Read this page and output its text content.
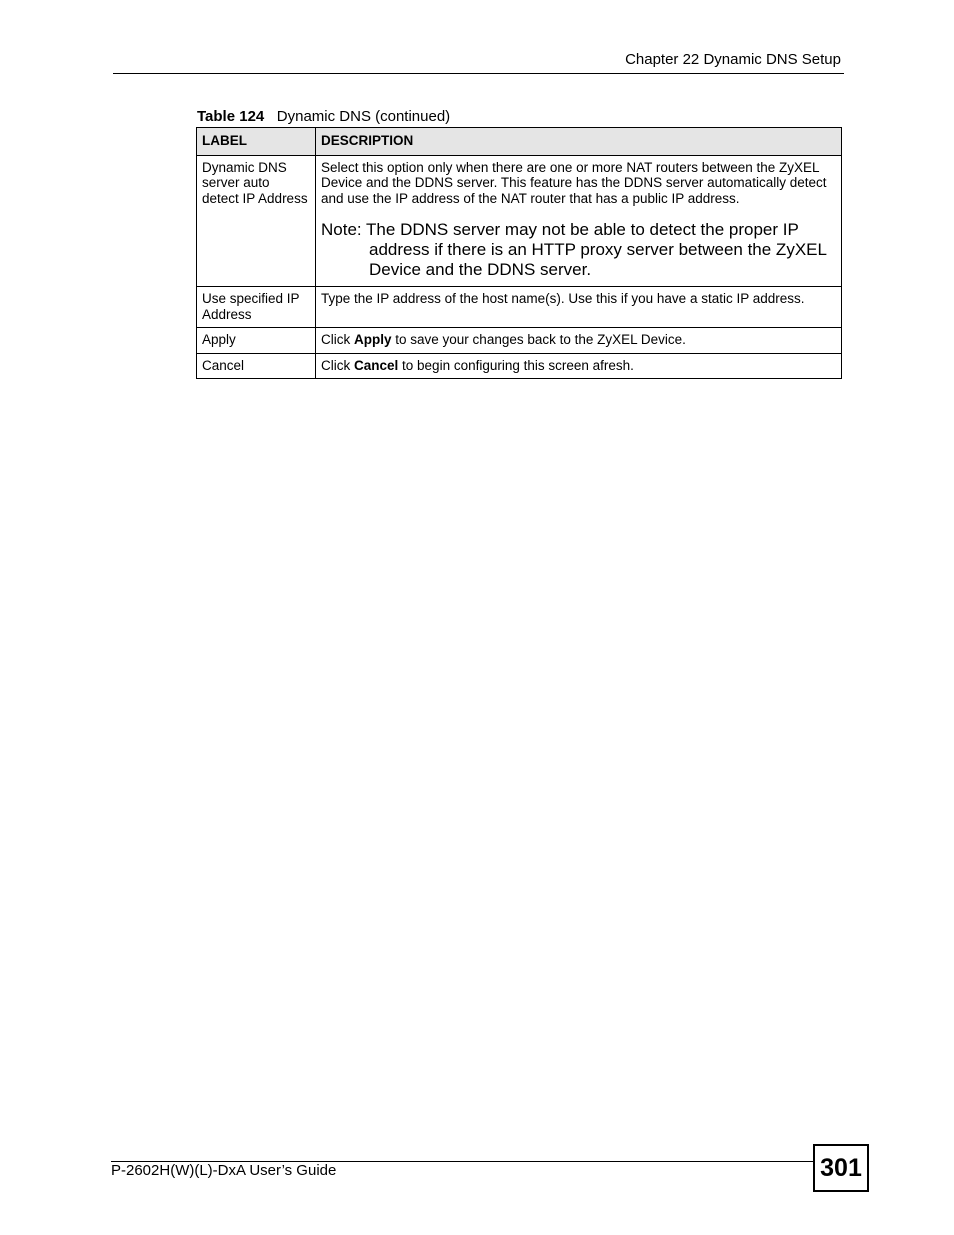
Chapter 22 Dynamic DNS Setup
Table 124 Dynamic DNS (continued)
LABEL	DESCRIPTION
Dynamic DNS server auto detect IP Address	Select this option only when there are one or more NAT routers between the ZyXEL Device and the DDNS server. This feature has the DDNS server automatically detect and use the IP address of the NAT router that has a public IP address.
Note: The DDNS server may not be able to detect the proper IP address if there is an HTTP proxy server between the ZyXEL Device and the DDNS server.

Use specified IP Address	Type the IP address of the host name(s). Use this if you have a static IP address.
Apply	Click Apply to save your changes back to the ZyXEL Device.
Cancel	Click Cancel to begin configuring this screen afresh.
P-2602H(W)(L)-DxA User’s Guide	301
